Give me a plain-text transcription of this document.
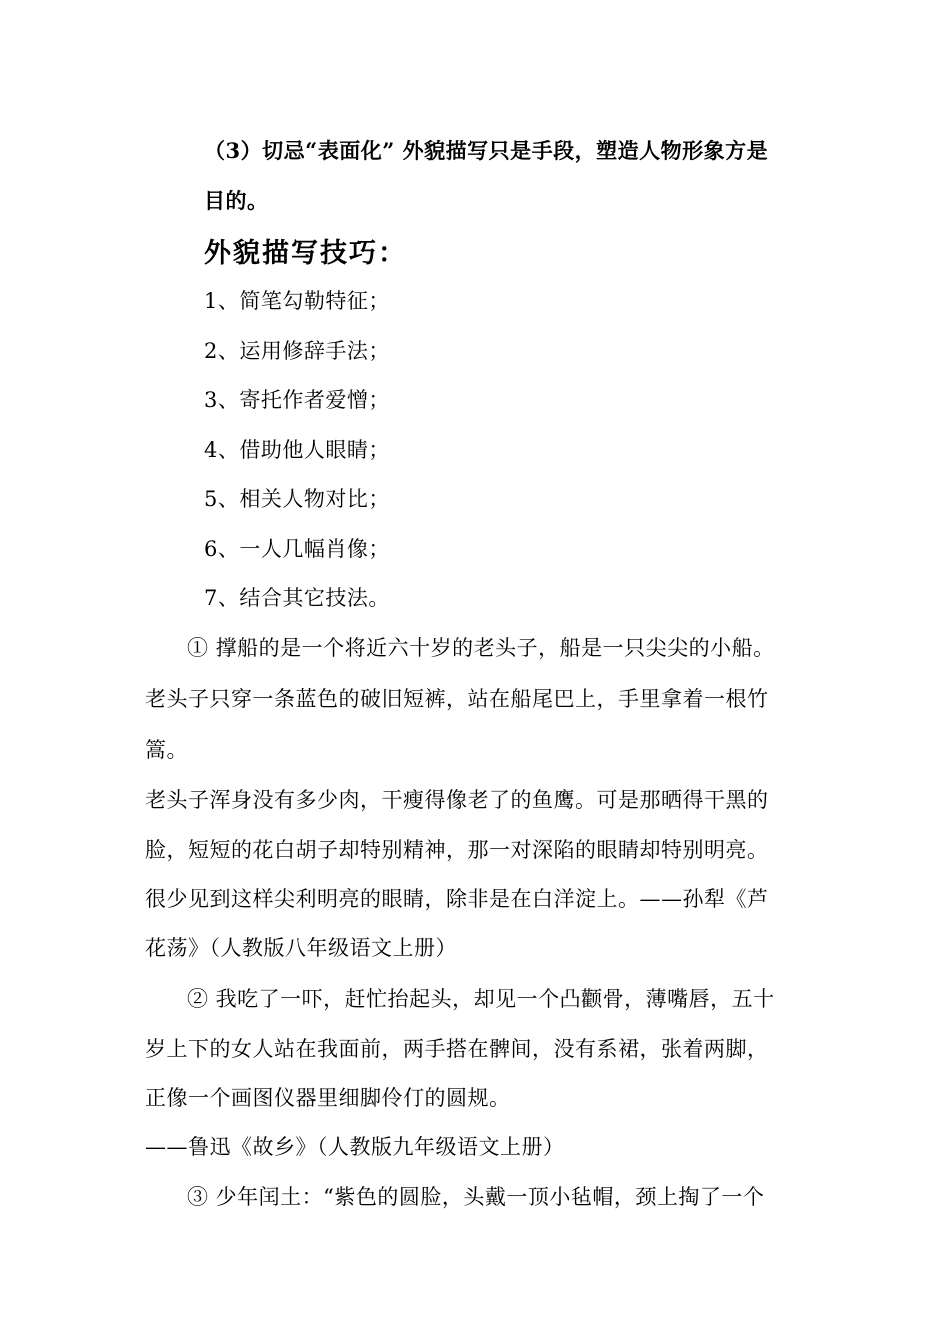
（3）切忌“表面化” 外貌描写只是手段，塑造人物形象方是
目的。
外貌描写技巧：
1、简笔勾勒特征；
2、运用修辞手法；
3、寄托作者爱憎；
4、借助他人眼睛；
5、相关人物对比；
6、一人几幅肖像；
7、结合其它技法。
① 撑船的是一个将近六十岁的老头子，船是一只尖尖的小船。
老头子只穿一条蓝色的破旧短裤，站在船尾巴上，手里拿着一根竹
篙。
老头子浑身没有多少肉，干瘦得像老了的鱼鹰。可是那晒得干黑的
脸，短短的花白胡子却特别精神，那一对深陷的眼睛却特别明亮。
很少见到这样尖利明亮的眼睛，除非是在白洋淀上。——孙犁《芦
花荡》（人教版八年级语文上册）
② 我吃了一吓，赶忙抬起头，却见一个凸颧骨，薄嘴唇，五十
岁上下的女人站在我面前，两手搭在髀间，没有系裙，张着两脚，
正像一个画图仪器里细脚伶仃的圆规。
——鲁迅《故乡》（人教版九年级语文上册）
③ 少年闰土：“紫色的圆脸，头戴一顶小毡帽，颈上掏了一个
